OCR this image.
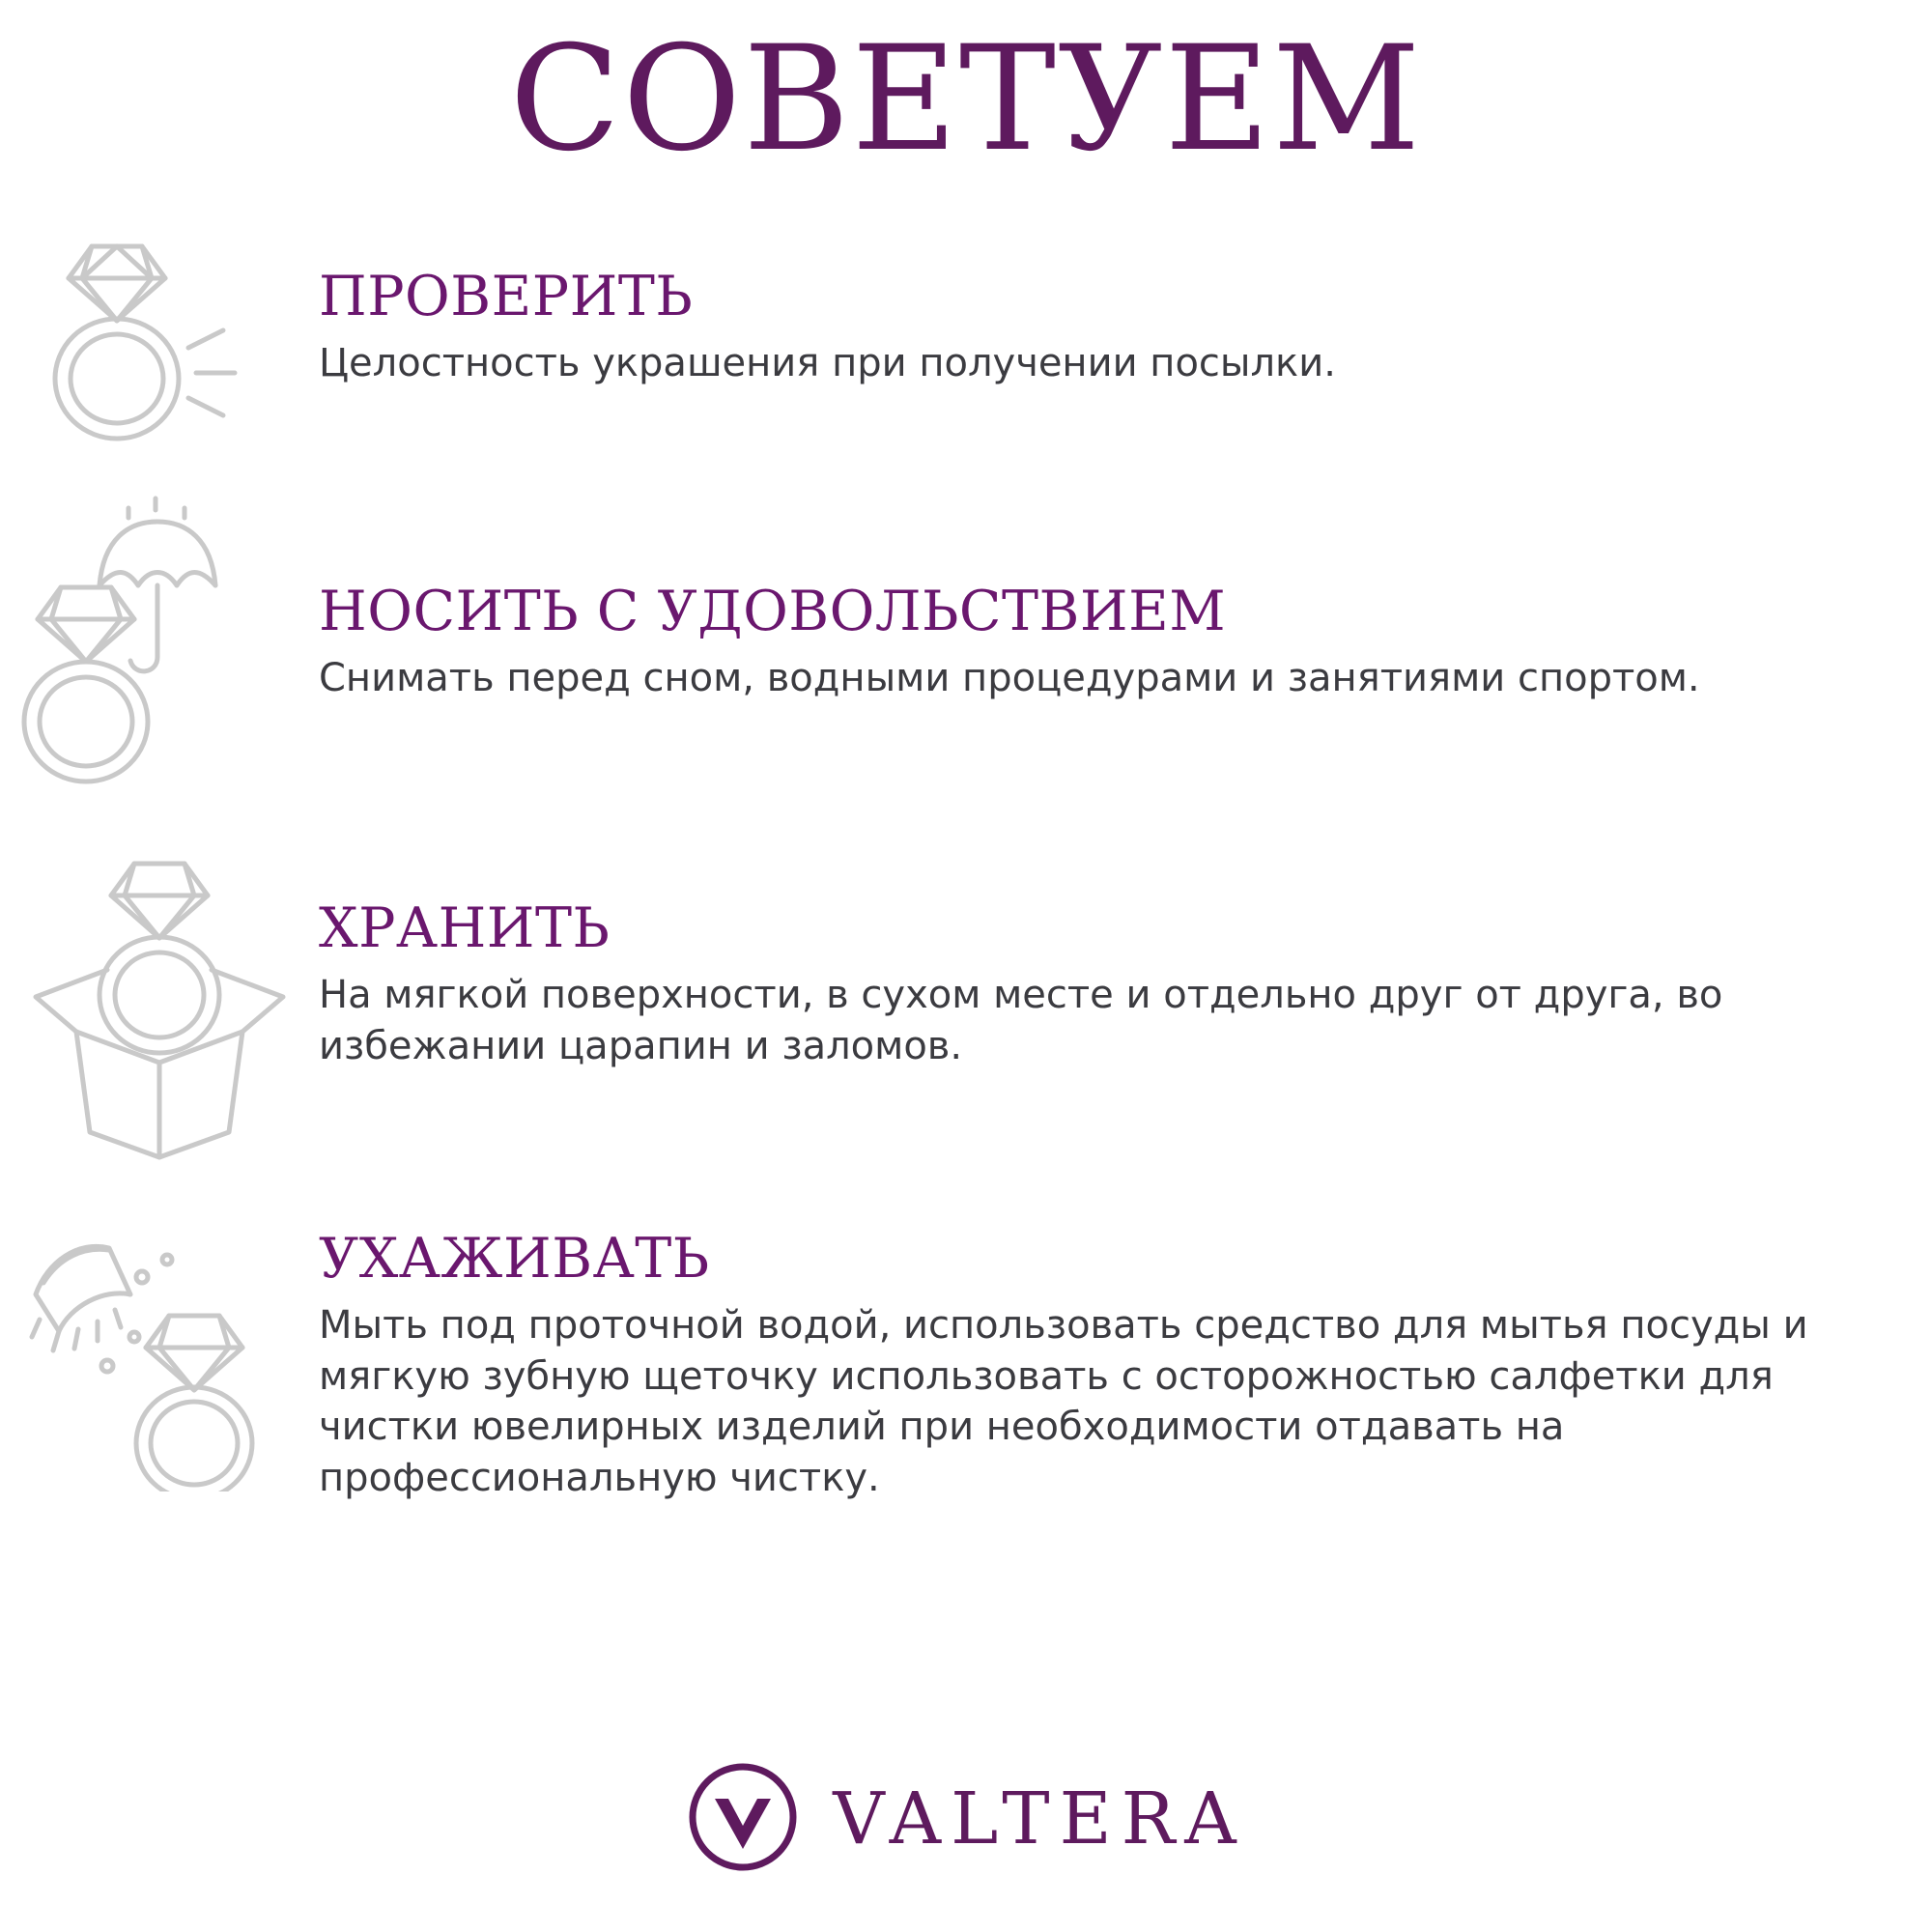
СОВЕТУЕМ
ПРОВЕРИТЬ

Целостность украшения при получении посылки.

НОСИТЬ С УДОВОЛЬСТВИЕМ

Снимать перед сном, водными процедурами и занятиями спортом.

ХРАНИТЬ

На мягкой поверхности, в сухом месте и отдельно друг от друга, во избежании царапин и заломов.

УХАЖИВАТЬ

Мыть под проточной водой, использовать средство для мытья посуды и мягкую зубную щеточку использовать с осторожностью салфетки для чистки ювелирных изделий при необходимости отдавать на профессиональную чистку.

VALTERA
